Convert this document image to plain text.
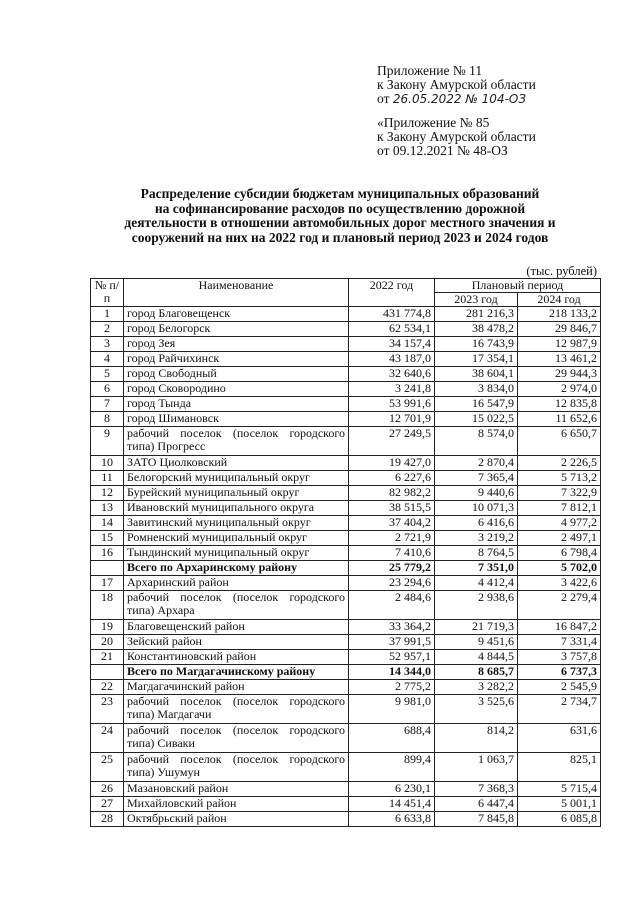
Приложение № 11
к Закону Амурской области
от 26.05.2022 № 104-ОЗ
«Приложение № 85
к Закону Амурской области
от 09.12.2021 № 48-ОЗ
Распределение субсидии бюджетам муниципальных образований
на софинансирование расходов по осуществлению дорожной
деятельности в отношении автомобильных дорог местного значения и
сооружений на них на 2022 год и плановый период 2023 и 2024 годов
(тыс. рублей)
№ п/п	Наименование	2022 год	Плановый период	
			2023 год	2024 год
1	город Благовещенск	431 774,8	281 216,3	218 133,2
2	город Белогорск	62 534,1	38 478,2	29 846,7
3	город Зея	34 157,4	16 743,9	12 987,9
4	город Райчихинск	43 187,0	17 354,1	13 461,2
5	город Свободный	32 640,6	38 604,1	29 944,3
6	город Сковородино	3 241,8	3 834,0	2 974,0
7	город Тында	53 991,6	16 547,9	12 835,8
8	город Шимановск	12 701,9	15 022,5	11 652,6
9	рабочий поселок (поселок городского типа) Прогресс	27 249,5	8 574,0	6 650,7
10	ЗАТО Циолковский	19 427,0	2 870,4	2 226,5
11	Белогорский муниципальный округ	6 227,6	7 365,4	5 713,2
12	Бурейский муниципальный округ	82 982,2	9 440,6	7 322,9
13	Ивановский муниципального округа	38 515,5	10 071,3	7 812,1
14	Завитинский муниципальный округ	37 404,2	6 416,6	4 977,2
15	Ромненский муниципальный округ	2 721,9	3 219,2	2 497,1
16	Тындинский муниципальный округ	7 410,6	8 764,5	6 798,4
	Всего по Архаринскому району	25 779,2	7 351,0	5 702,0
17	Архаринский район	23 294,6	4 412,4	3 422,6
18	рабочий поселок (поселок городского типа) Архара	2 484,6	2 938,6	2 279,4
19	Благовещенский район	33 364,2	21 719,3	16 847,2
20	Зейский район	37 991,5	9 451,6	7 331,4
21	Константиновский район	52 957,1	4 844,5	3 757,8
	Всего по Магдагачинскому району	14 344,0	8 685,7	6 737,3
22	Магдагачинский район	2 775,2	3 282,2	2 545,9
23	рабочий поселок (поселок городского типа) Магдагачи	9 981,0	3 525,6	2 734,7
24	рабочий поселок (поселок городского типа) Сиваки	688,4	814,2	631,6
25	рабочий поселок (поселок городского типа) Ушумун	899,4	1 063,7	825,1
26	Мазановский район	6 230,1	7 368,3	5 715,4
27	Михайловский район	14 451,4	6 447,4	5 001,1
28	Октябрьский район	6 633,8	7 845,8	6 085,8
